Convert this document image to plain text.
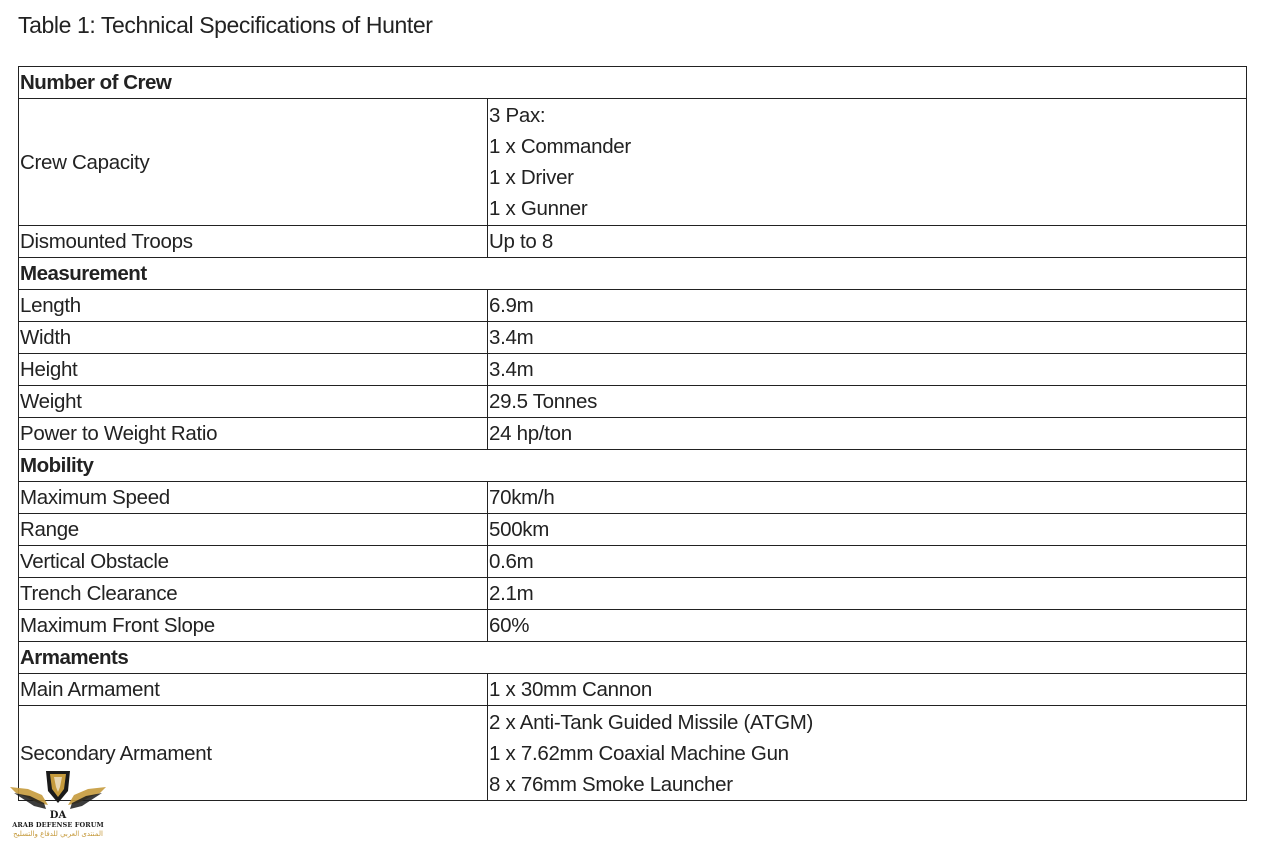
Table 1: Technical Specifications of Hunter
Number of Crew	
Crew Capacity	3 Pax:
1 x Commander
1 x Driver
1 x Gunner

Dismounted Troops	Up to 8
Measurement	
Length	6.9m
Width	3.4m
Height	3.4m
Weight	29.5 Tonnes
Power to Weight Ratio	24 hp/ton
Mobility	
Maximum Speed	70km/h
Range	500km
Vertical Obstacle	0.6m
Trench Clearance	2.1m
Maximum Front Slope	60%
Armaments	
Main Armament	1 x 30mm Cannon
Secondary Armament	2 x Anti-Tank Guided Missile (ATGM)
1 x 7.62mm Coaxial Machine Gun
8 x 76mm Smoke Launcher
DA
ARAB DEFENSE FORUM
المنتدى العربي للدفاع والتسليح
